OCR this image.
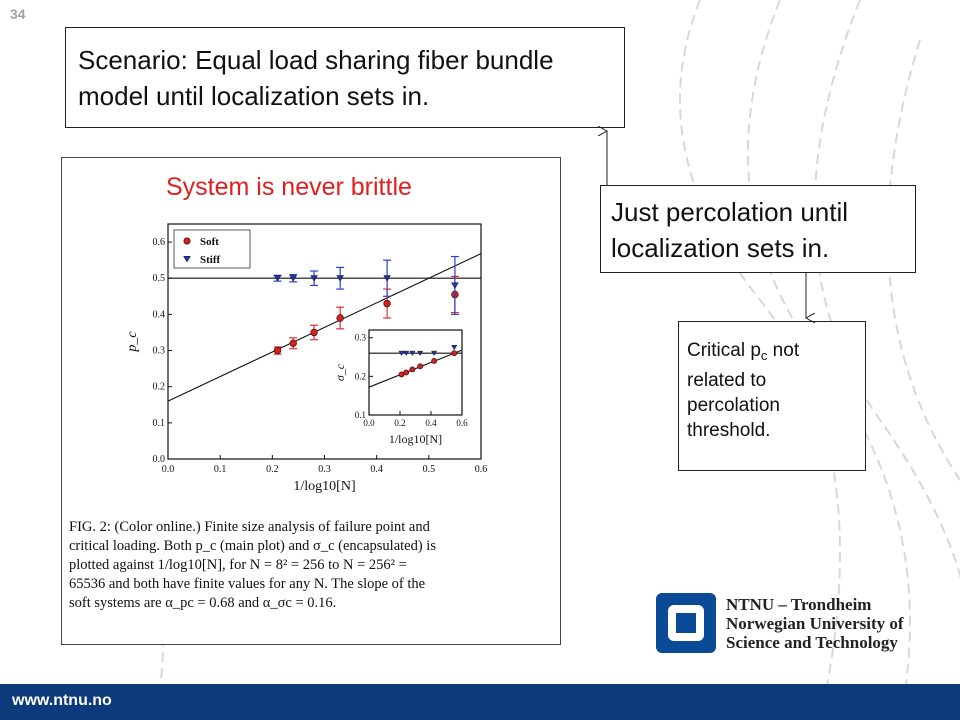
34
Scenario: Equal load sharing fiber bundle model until localization sets in.
Just percolation until localization sets in.
Critical $p_c$ not related to percolation threshold.
System is never brittle
0.0	0.1	0.2	0.3	0.4	0.5	0.6
0.0
0.1
0.2
0.3
0.4
0.5
0.6
1/log10[N]
p_c
Soft
Stiff
0.0 0.2 0.4 0.6
0.1
0.2
0.3
1/log10[N]
σ_c
FIG. 2: (Color online.) Finite size analysis of failure point and
critical loading. Both p_c (main plot) and σ_c (encapsulated) is
plotted against 1/log10[N], for N = 8² = 256 to N = 256² =
65536 and both have finite values for any N. The slope of the
soft systems are α_pc = 0.68 and α_σc = 0.16.	NTNU – Trondheim
Norwegian University of
Science and Technology
www.ntnu.no
